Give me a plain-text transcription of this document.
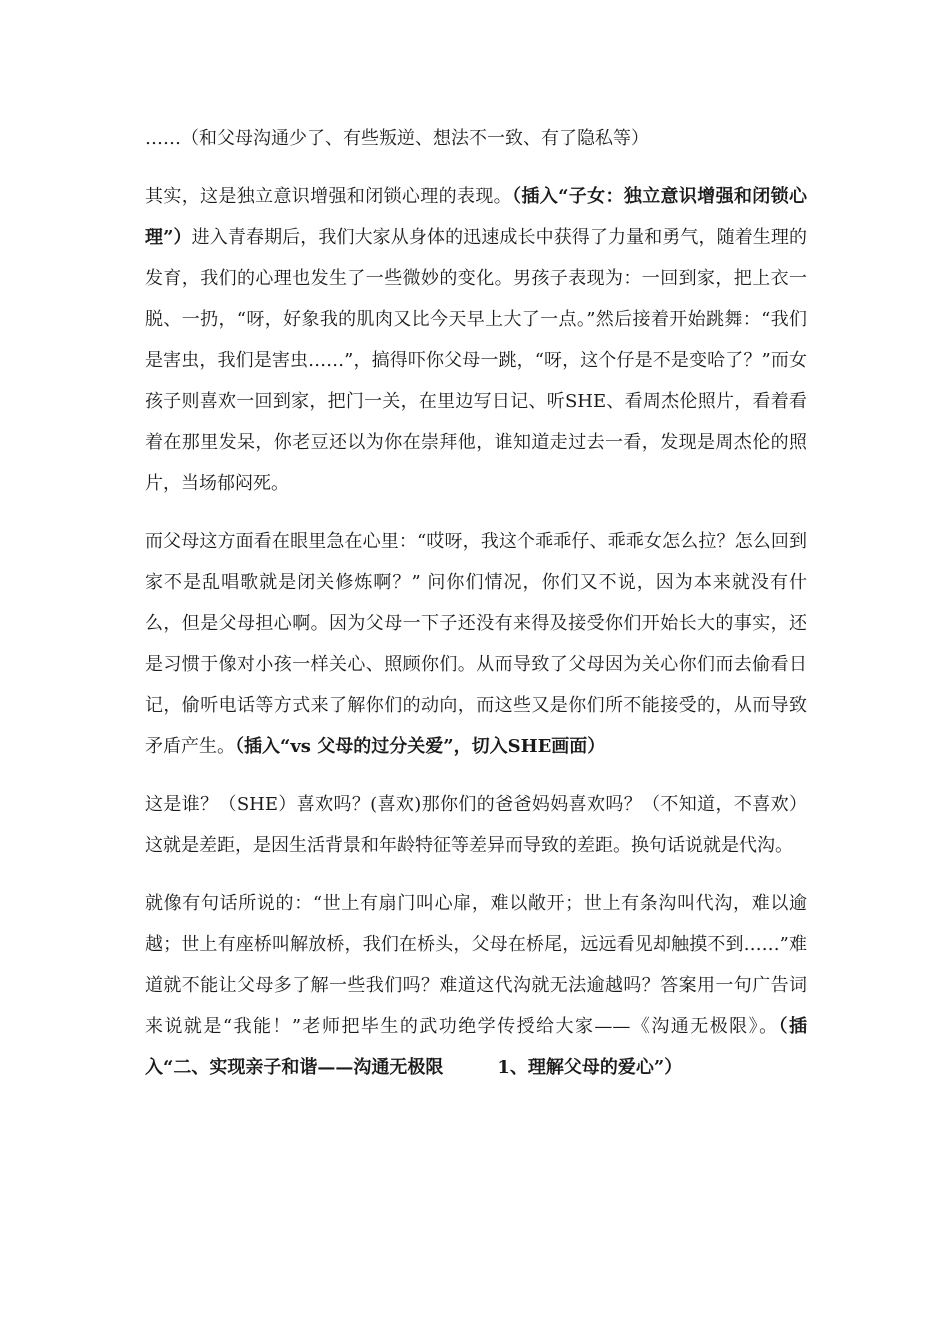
……（和父母沟通少了、有些叛逆、想法不一致、有了隐私等）

其实，这是独立意识增强和闭锁心理的表现。（插入“子女：独立意识增强和闭锁心理”）进入青春期后，我们大家从身体的迅速成长中获得了力量和勇气，随着生理的发育，我们的心理也发生了一些微妙的变化。男孩子表现为：一回到家，把上衣一脱、一扔，“呀，好象我的肌肉又比今天早上大了一点。”然后接着开始跳舞：“我们是害虫，我们是害虫……”，搞得吓你父母一跳，“呀，这个仔是不是变哈了？”而女孩子则喜欢一回到家，把门一关，在里边写日记、听SHE、看周杰伦照片，看着看着在那里发呆，你老豆还以为你在崇拜他，谁知道走过去一看，发现是周杰伦的照片，当场郁闷死。

而父母这方面看在眼里急在心里：“哎呀，我这个乖乖仔、乖乖女怎么拉？怎么回到家不是乱唱歌就是闭关修炼啊？” 问你们情况，你们又不说，因为本来就没有什么，但是父母担心啊。因为父母一下子还没有来得及接受你们开始长大的事实，还是习惯于像对小孩一样关心、照顾你们。从而导致了父母因为关心你们而去偷看日记，偷听电话等方式来了解你们的动向，而这些又是你们所不能接受的，从而导致矛盾产生。（插入“vs 父母的过分关爱”，切入SHE画面）

这是谁？（SHE）喜欢吗？(喜欢)那你们的爸爸妈妈喜欢吗？（不知道，不喜欢）这就是差距，是因生活背景和年龄特征等差异而导致的差距。换句话说就是代沟。

就像有句话所说的：“世上有扇门叫心扉，难以敞开；世上有条沟叫代沟，难以逾越；世上有座桥叫解放桥，我们在桥头，父母在桥尾，远远看见却触摸不到……”难道就不能让父母多了解一些我们吗？难道这代沟就无法逾越吗？答案用一句广告词来说就是“我能！”老师把毕生的武功绝学传授给大家——《沟通无极限》。（插入“二、实现亲子和谐——沟通无极限　　　1、理解父母的爱心”）
